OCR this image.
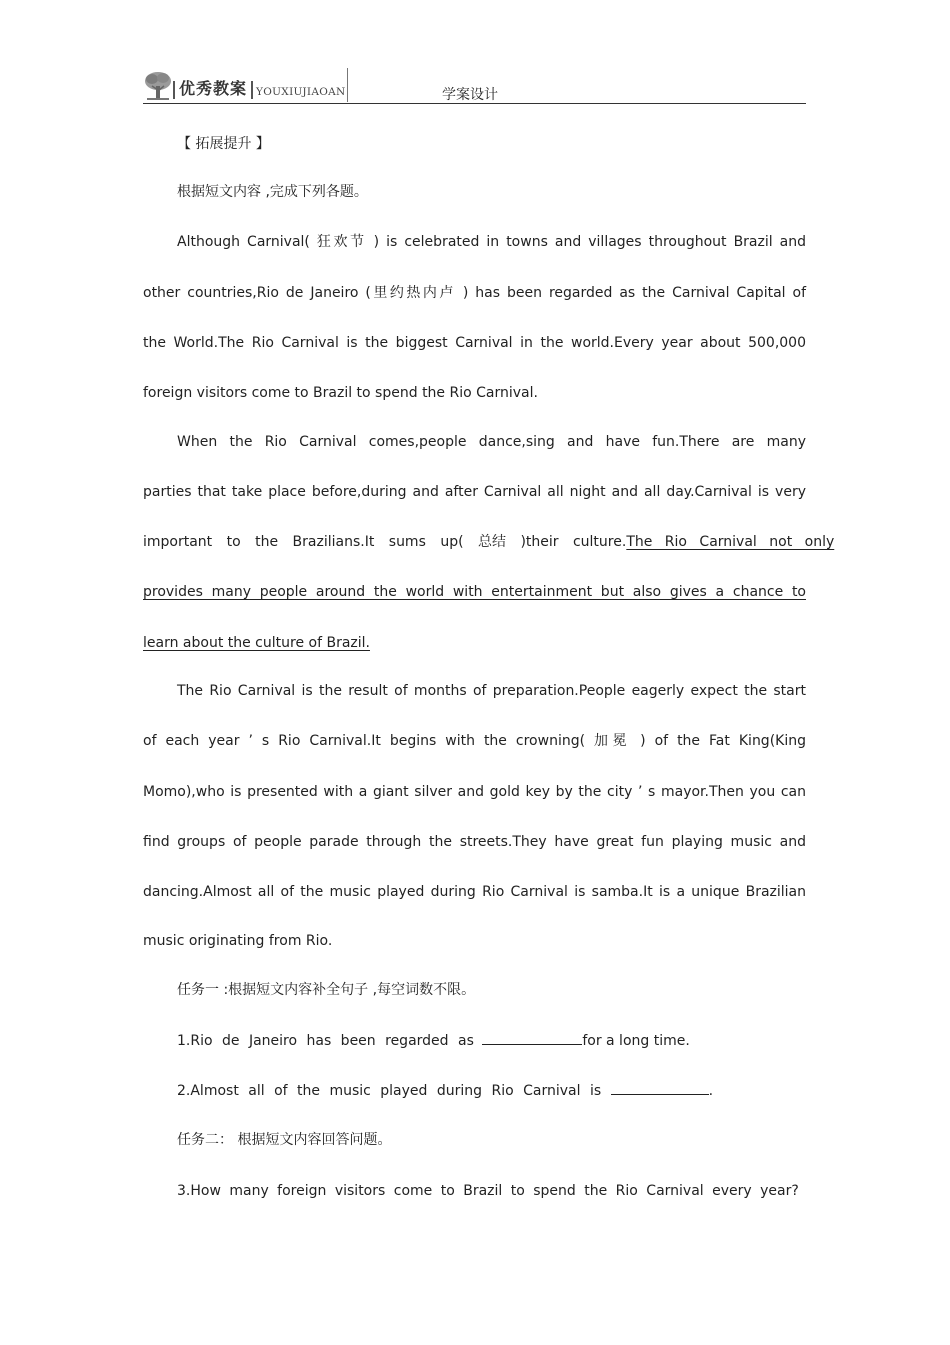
优秀教案 YOUXIUJIAOAN	学案设计
【 拓展提升 】
根据短文内容 ,完成下列各题。
Although Carnival( 狂欢节 ) is celebrated in towns and villages throughout Brazil and
other countries,Rio de Janeiro (里约热内卢 ) has been regarded as the Carnival Capital of
the World.The Rio Carnival is the biggest Carnival in the world.Every year about 500,000
foreign visitors come to Brazil to spend the Rio Carnival.
When the Rio Carnival comes,people dance,sing and have fun.There are many
parties that take place before,during and after Carnival all night and all day.Carnival is very
important to the Brazilians.It sums up( 总结 )their culture. The Rio Carnival not only
provides many people around the world with entertainment but also gives a chance to
learn about the culture of Brazil.
The Rio Carnival is the result of months of preparation.People eagerly expect the start
of each year ’ s Rio Carnival.It begins with the crowning( 加冕 ) of the Fat King(King
Momo),who is presented with a giant silver and gold key by the city ’ s mayor.Then you can
find groups of people parade through the streets.They have great fun playing music and
dancing.Almost all of the music played during Rio Carnival is samba.It is a unique Brazilian
music originating from Rio.
任务一 :根据短文内容补全句子 ,每空词数不限。
1.Rio de Janeiro has been regarded as	for a long time.
2.Almost all of the music played during Rio Carnival is	.
任务二： 根据短文内容回答问题。
3.How many foreign visitors come to Brazil to spend the Rio Carnival every year?
